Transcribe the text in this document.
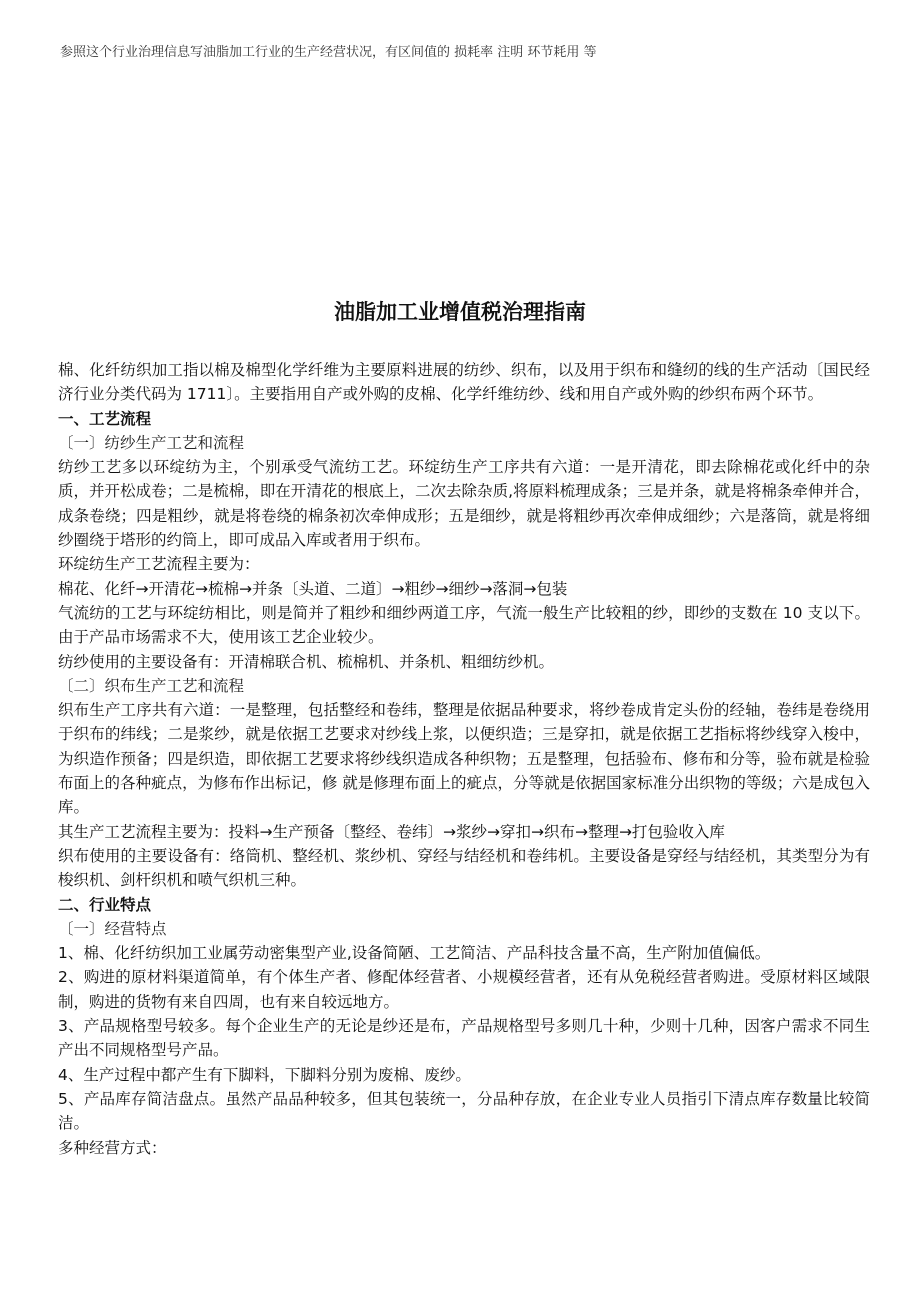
参照这个行业治理信息写油脂加工行业的生产经营状况，有区间值的 损耗率 注明 环节耗用 等
油脂加工业增值税治理指南

棉、化纤纺织加工指以棉及棉型化学纤维为主要原料进展的纺纱、织布，以及用于织布和缝纫的线的生产活动〔国民经济行业分类代码为 1711〕。主要指用自产或外购的皮棉、化学纤维纺纱、线和用自产或外购的纱织布两个环节。

一、工艺流程

〔一〕纺纱生产工艺和流程

纺纱工艺多以环绽纺为主，个别承受气流纺工艺。环绽纺生产工序共有六道：一是开清花，即去除棉花或化纤中的杂质，并开松成卷；二是梳棉，即在开清花的根底上，二次去除杂质,将原料梳理成条；三是并条，就是将棉条牵伸并合，成条卷绕；四是粗纱，就是将卷绕的棉条初次牵伸成形；五是细纱，就是将粗纱再次牵伸成细纱；六是落筒，就是将细纱圈绕于塔形的约筒上，即可成品入库或者用于织布。

环绽纺生产工艺流程主要为：

棉花、化纤→开清花→梳棉→并条〔头道、二道〕→粗纱→细纱→落洞→包装

气流纺的工艺与环绽纺相比，则是简并了粗纱和细纱两道工序，气流一般生产比较粗的纱，即纱的支数在 10 支以下。由于产品市场需求不大，使用该工艺企业较少。

纺纱使用的主要设备有：开清棉联合机、梳棉机、并条机、粗细纺纱机。

〔二〕织布生产工艺和流程

织布生产工序共有六道：一是整理，包括整经和卷纬，整理是依据品种要求，将纱卷成肯定头份的经轴，卷纬是卷绕用于织布的纬线；二是浆纱，就是依据工艺要求对纱线上浆，以便织造；三是穿扣，就是依据工艺指标将纱线穿入梭中，为织造作预备；四是织造，即依据工艺要求将纱线织造成各种织物；五是整理，包括验布、修布和分等，验布就是检验布面上的各种疵点，为修布作出标记，修 就是修理布面上的疵点，分等就是依据国家标准分出织物的等级；六是成包入库。

其生产工艺流程主要为：投料→生产预备〔整经、卷纬〕→浆纱→穿扣→织布→整理→打包验收入库

织布使用的主要设备有：络筒机、整经机、浆纱机、穿经与结经机和卷纬机。主要设备是穿经与结经机，其类型分为有梭织机、剑杆织机和喷气织机三种。

二、行业特点

〔一〕经营特点

1、棉、化纤纺织加工业属劳动密集型产业,设备简陋、工艺简洁、产品科技含量不高，生产附加值偏低。

2、购进的原材料渠道简单，有个体生产者、修配体经营者、小规模经营者，还有从免税经营者购进。受原材料区域限制，购进的货物有来自四周，也有来自较远地方。

3、产品规格型号较多。每个企业生产的无论是纱还是布，产品规格型号多则几十种，少则十几种，因客户需求不同生产出不同规格型号产品。

4、生产过程中都产生有下脚料，下脚料分别为废棉、废纱。

5、产品库存简洁盘点。虽然产品品种较多，但其包装统一，分品种存放，在企业专业人员指引下清点库存数量比较简洁。

多种经营方式：
